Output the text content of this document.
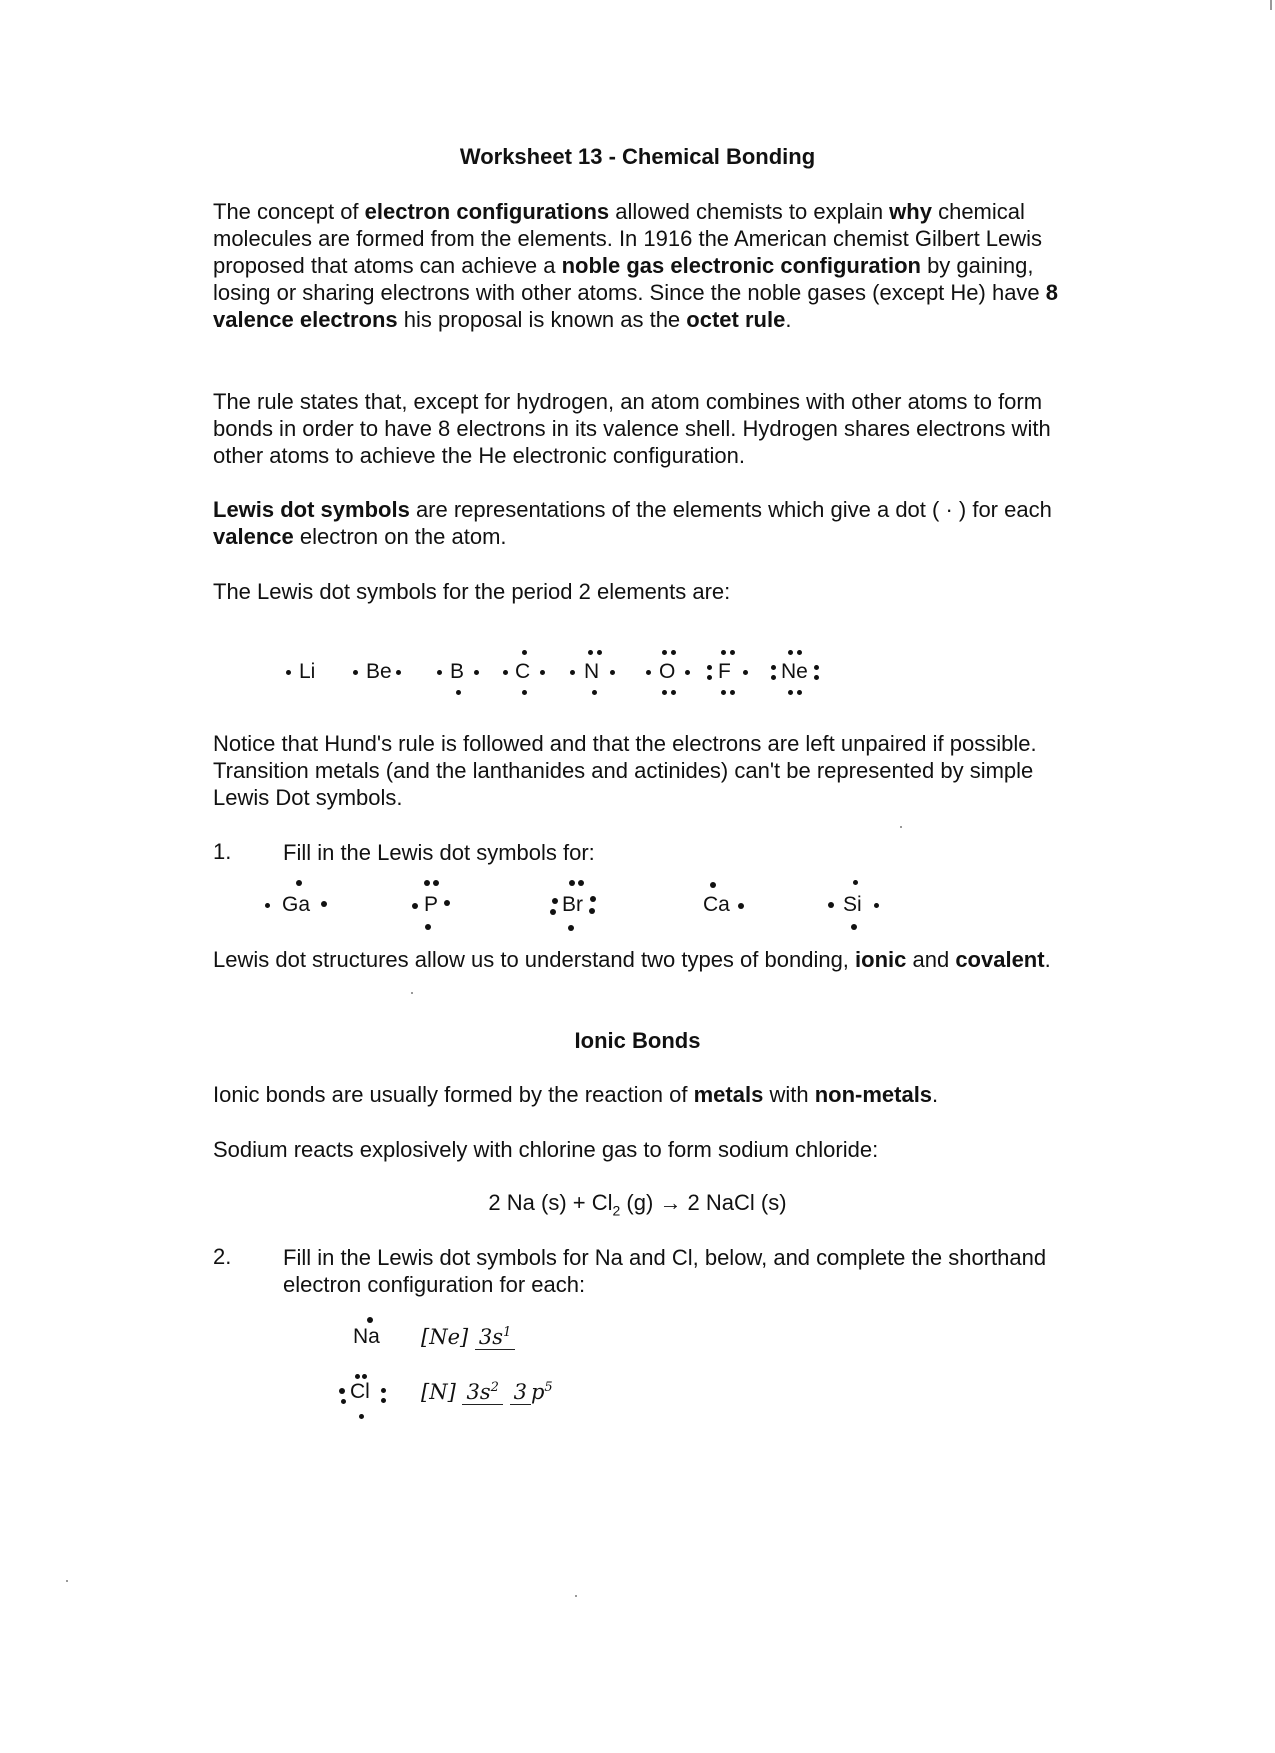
Worksheet 13 - Chemical Bonding
The concept of electron configurations allowed chemists to explain why chemical molecules are formed from the elements. In 1916 the American chemist Gilbert Lewis proposed that atoms can achieve a noble gas electronic configuration by gaining, losing or sharing electrons with other atoms. Since the noble gases (except He) have 8 valence electrons his proposal is known as the octet rule.
The rule states that, except for hydrogen, an atom combines with other atoms to form bonds in order to have 8 electrons in its valence shell. Hydrogen shares electrons with other atoms to achieve the He electronic configuration.
Lewis dot symbols are representations of the elements which give a dot ( · ) for each valence electron on the atom.
The Lewis dot symbols for the period 2 elements are:
Li Be	B C	N	O F Ne
Notice that Hund's rule is followed and that the electrons are left unpaired if possible. Transition metals (and the lanthanides and actinides) can't be represented by simple Lewis Dot symbols.
1. Fill in the Lewis dot symbols for:
Ga	P	Br	Ca	Si
Lewis dot structures allow us to understand two types of bonding, ionic and covalent.
Ionic Bonds
Ionic bonds are usually formed by the reaction of metals with non-metals.
Sodium reacts explosively with chlorine gas to form sodium chloride:
2 Na $(s) + Cl_2$ (g) → 2 NaCl (s)
2. Fill in the Lewis dot symbols for Na and Cl, below, and complete the shorthand electron configuration for each:
Na [Ne] $3s^1$
Cl [N] $3s^2$ 3 $p^5$
